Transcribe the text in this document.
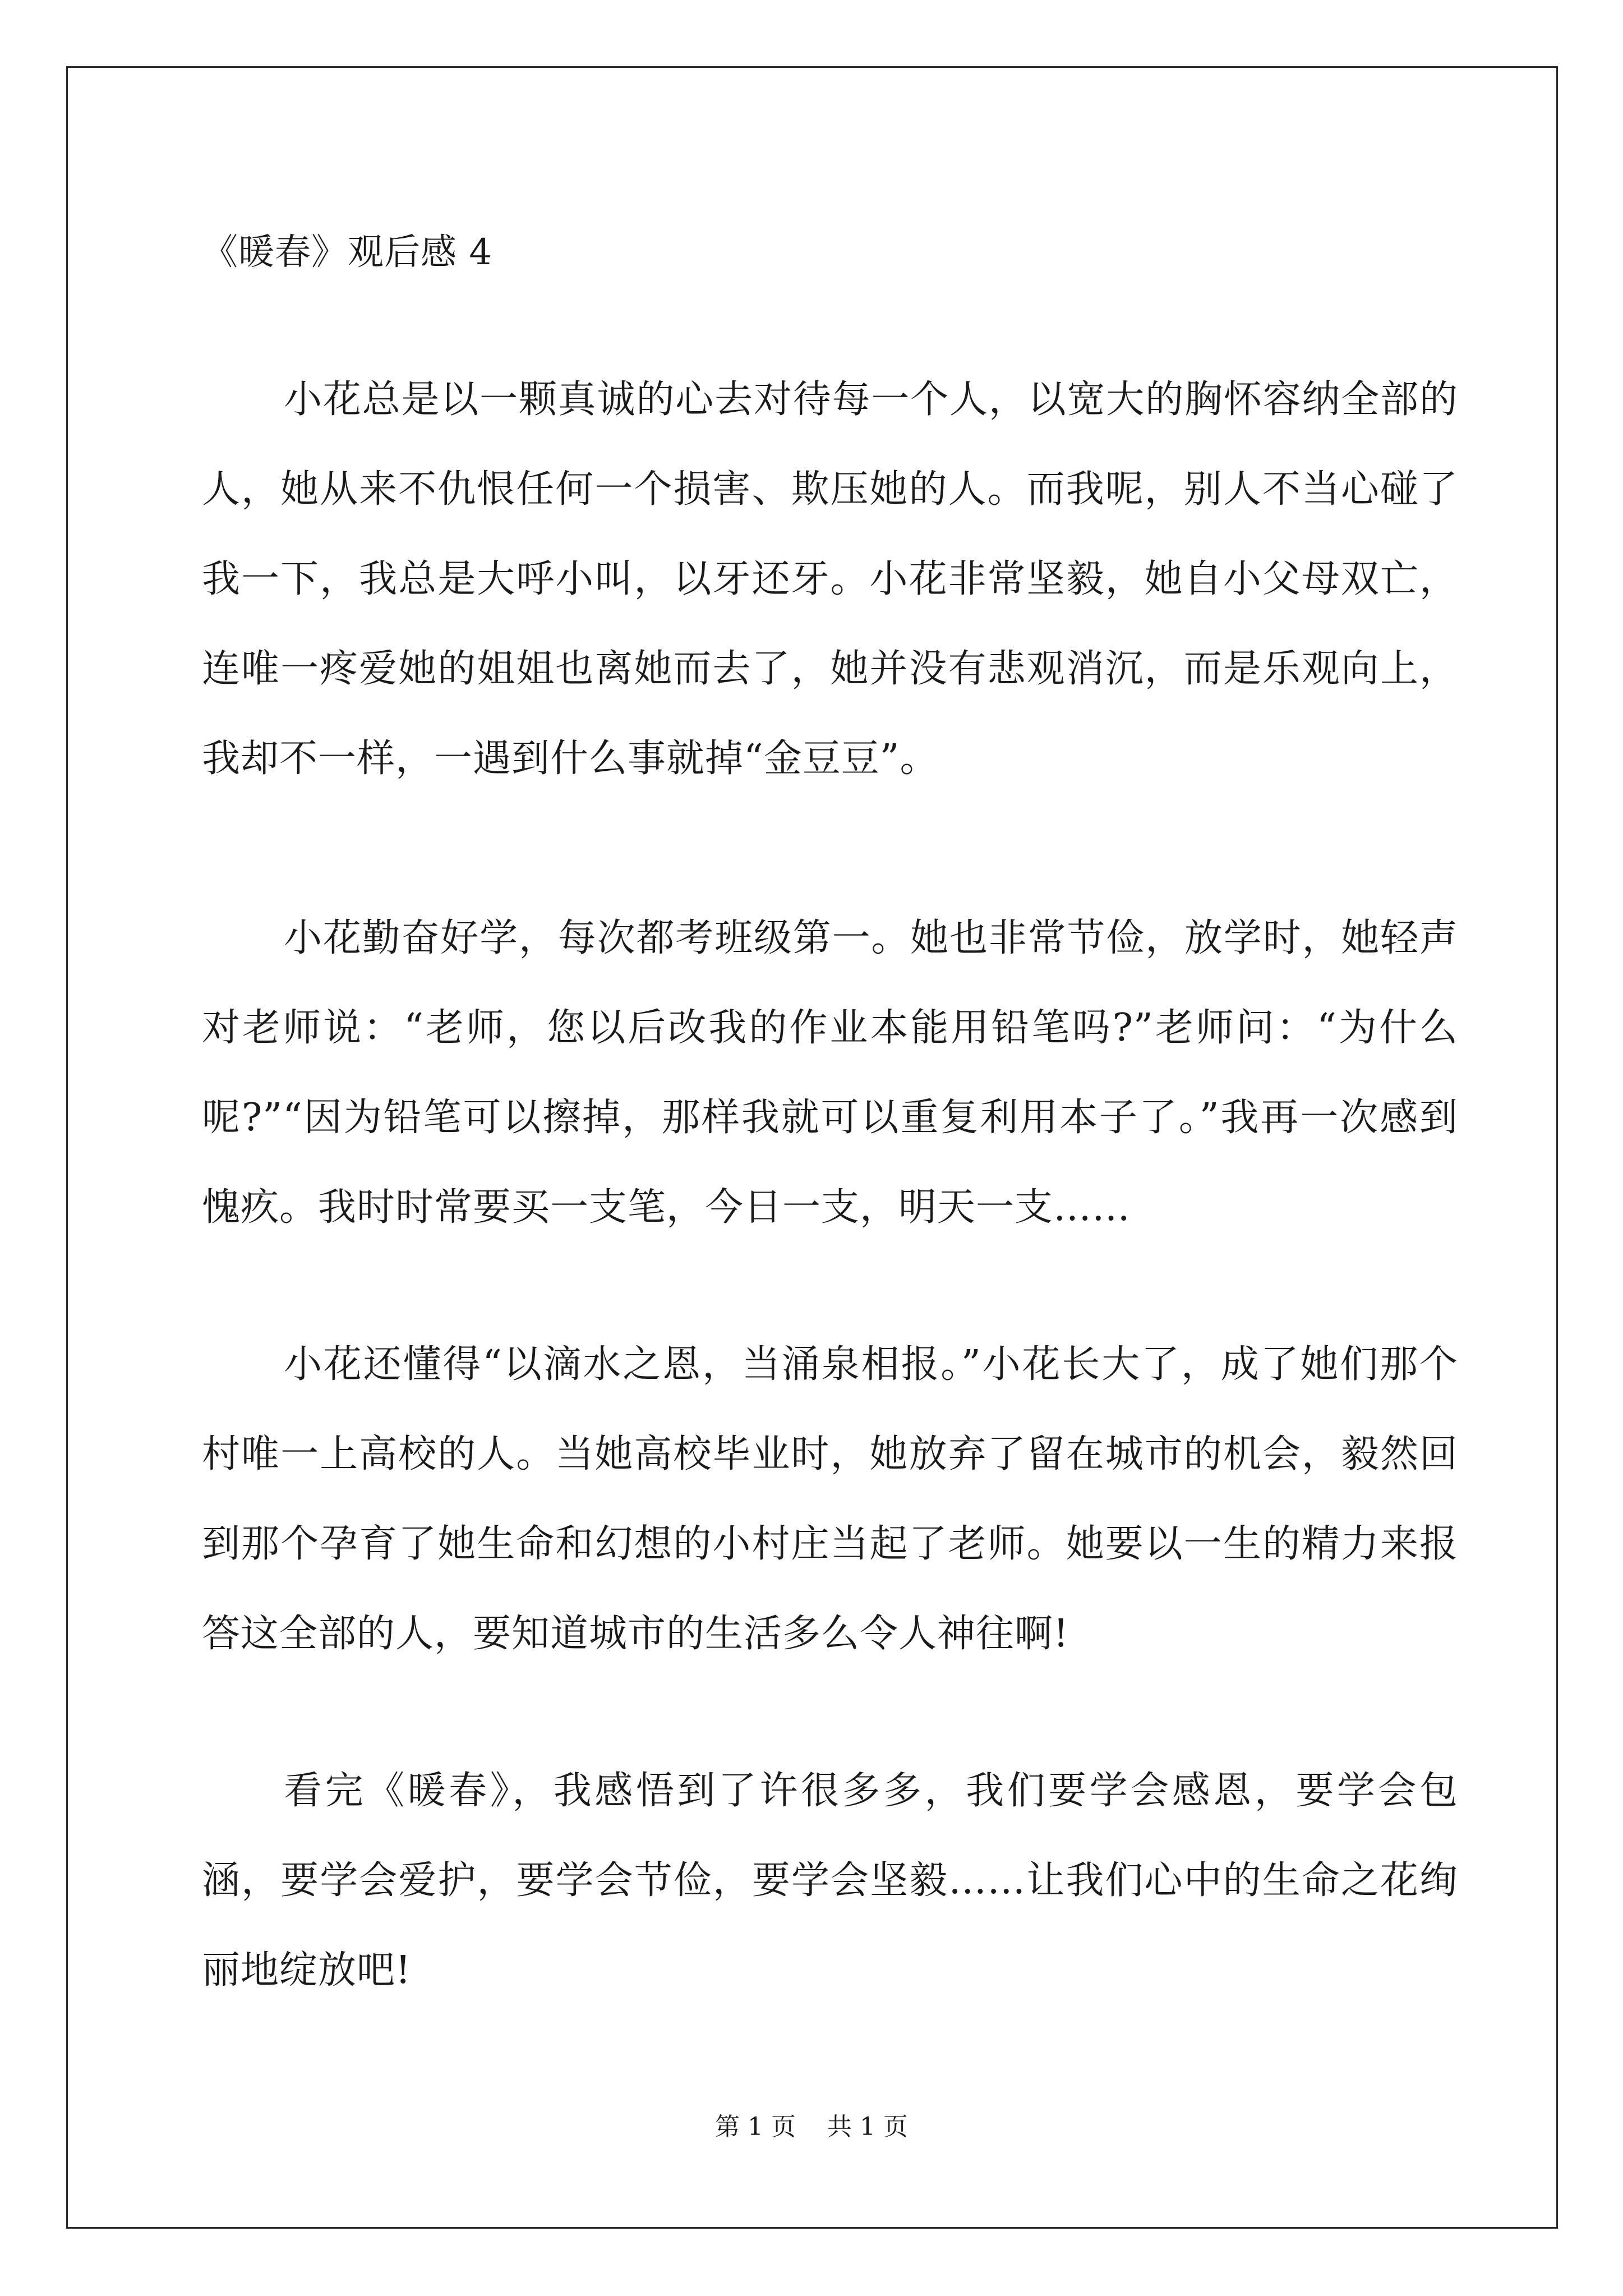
《暖春》观后感 4

小花总是以一颗真诚的心去对待每一个人，以宽大的胸怀容纳全部的人，她从来不仇恨任何一个损害、欺压她的人。而我呢，别人不当心碰了我一下，我总是大呼小叫，以牙还牙。小花非常坚毅，她自小父母双亡，连唯一疼爱她的姐姐也离她而去了，她并没有悲观消沉，而是乐观向上，我却不一样，一遇到什么事就掉“金豆豆”。

小花勤奋好学，每次都考班级第一。她也非常节俭，放学时，她轻声对老师说：“老师，您以后改我的作业本能用铅笔吗?”老师问：“为什么呢?”“因为铅笔可以擦掉，那样我就可以重复利用本子了。”我再一次感到愧疚。我时时常要买一支笔，今日一支，明天一支……

小花还懂得“以滴水之恩，当涌泉相报。”小花长大了，成了她们那个村唯一上高校的人。当她高校毕业时，她放弃了留在城市的机会，毅然回到那个孕育了她生命和幻想的小村庄当起了老师。她要以一生的精力来报答这全部的人，要知道城市的生活多么令人神往啊!

看完《暖春》，我感悟到了许很多多，我们要学会感恩，要学会包涵，要学会爱护，要学会节俭，要学会坚毅……让我们心中的生命之花绚丽地绽放吧!

第 1 页 共 1 页
